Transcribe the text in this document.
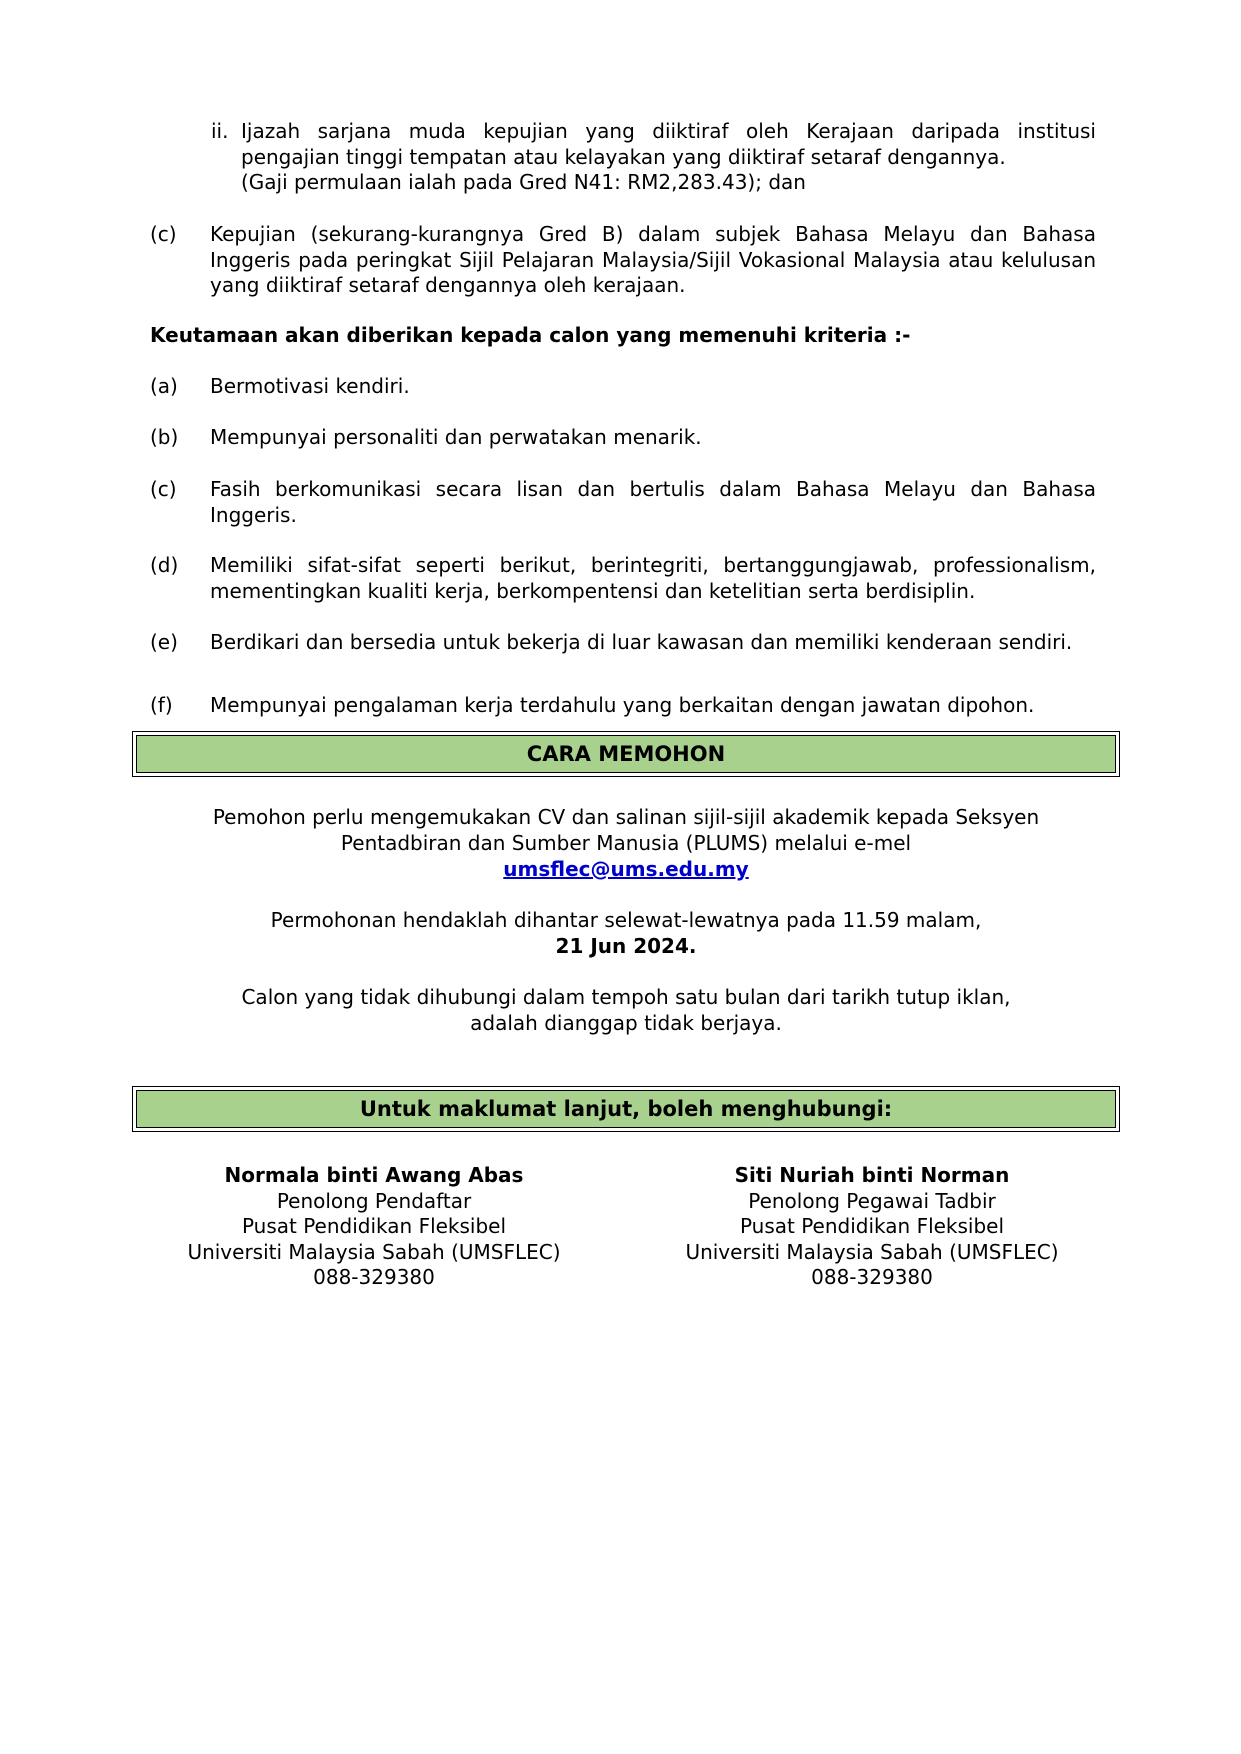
ii. Ijazah sarjana muda kepujian yang diiktiraf oleh Kerajaan daripada institusi pengajian tinggi tempatan atau kelayakan yang diiktiraf setaraf dengannya.
(Gaji permulaan ialah pada Gred N41: RM2,283.43); dan
(c) Kepujian (sekurang-kurangnya Gred B) dalam subjek Bahasa Melayu dan Bahasa Inggeris pada peringkat Sijil Pelajaran Malaysia/Sijil Vokasional Malaysia atau kelulusan yang diiktiraf setaraf dengannya oleh kerajaan.
Keutamaan akan diberikan kepada calon yang memenuhi kriteria :-
(a) Bermotivasi kendiri.
(b) Mempunyai personaliti dan perwatakan menarik.
(c) Fasih berkomunikasi secara lisan dan bertulis dalam Bahasa Melayu dan Bahasa Inggeris.
(d) Memiliki sifat-sifat seperti berikut, berintegriti, bertanggungjawab, professionalism, mementingkan kualiti kerja, berkompentensi dan ketelitian serta berdisiplin.
(e) Berdikari dan bersedia untuk bekerja di luar kawasan dan memiliki kenderaan sendiri.
(f) Mempunyai pengalaman kerja terdahulu yang berkaitan dengan jawatan dipohon.
CARA MEMOHON
Pemohon perlu mengemukakan CV dan salinan sijil-sijil akademik kepada Seksyen
Pentadbiran dan Sumber Manusia (PLUMS) melalui e-mel
umsflec@ums.edu.my
Permohonan hendaklah dihantar selewat-lewatnya pada 11.59 malam,
21 Jun 2024.
Calon yang tidak dihubungi dalam tempoh satu bulan dari tarikh tutup iklan,
adalah dianggap tidak berjaya.
Untuk maklumat lanjut, boleh menghubungi:
Normala binti Awang Abas
Penolong Pendaftar
Pusat Pendidikan Fleksibel
Universiti Malaysia Sabah (UMSFLEC)
088-329380
Siti Nuriah binti Norman
Penolong Pegawai Tadbir
Pusat Pendidikan Fleksibel
Universiti Malaysia Sabah (UMSFLEC)
088-329380
